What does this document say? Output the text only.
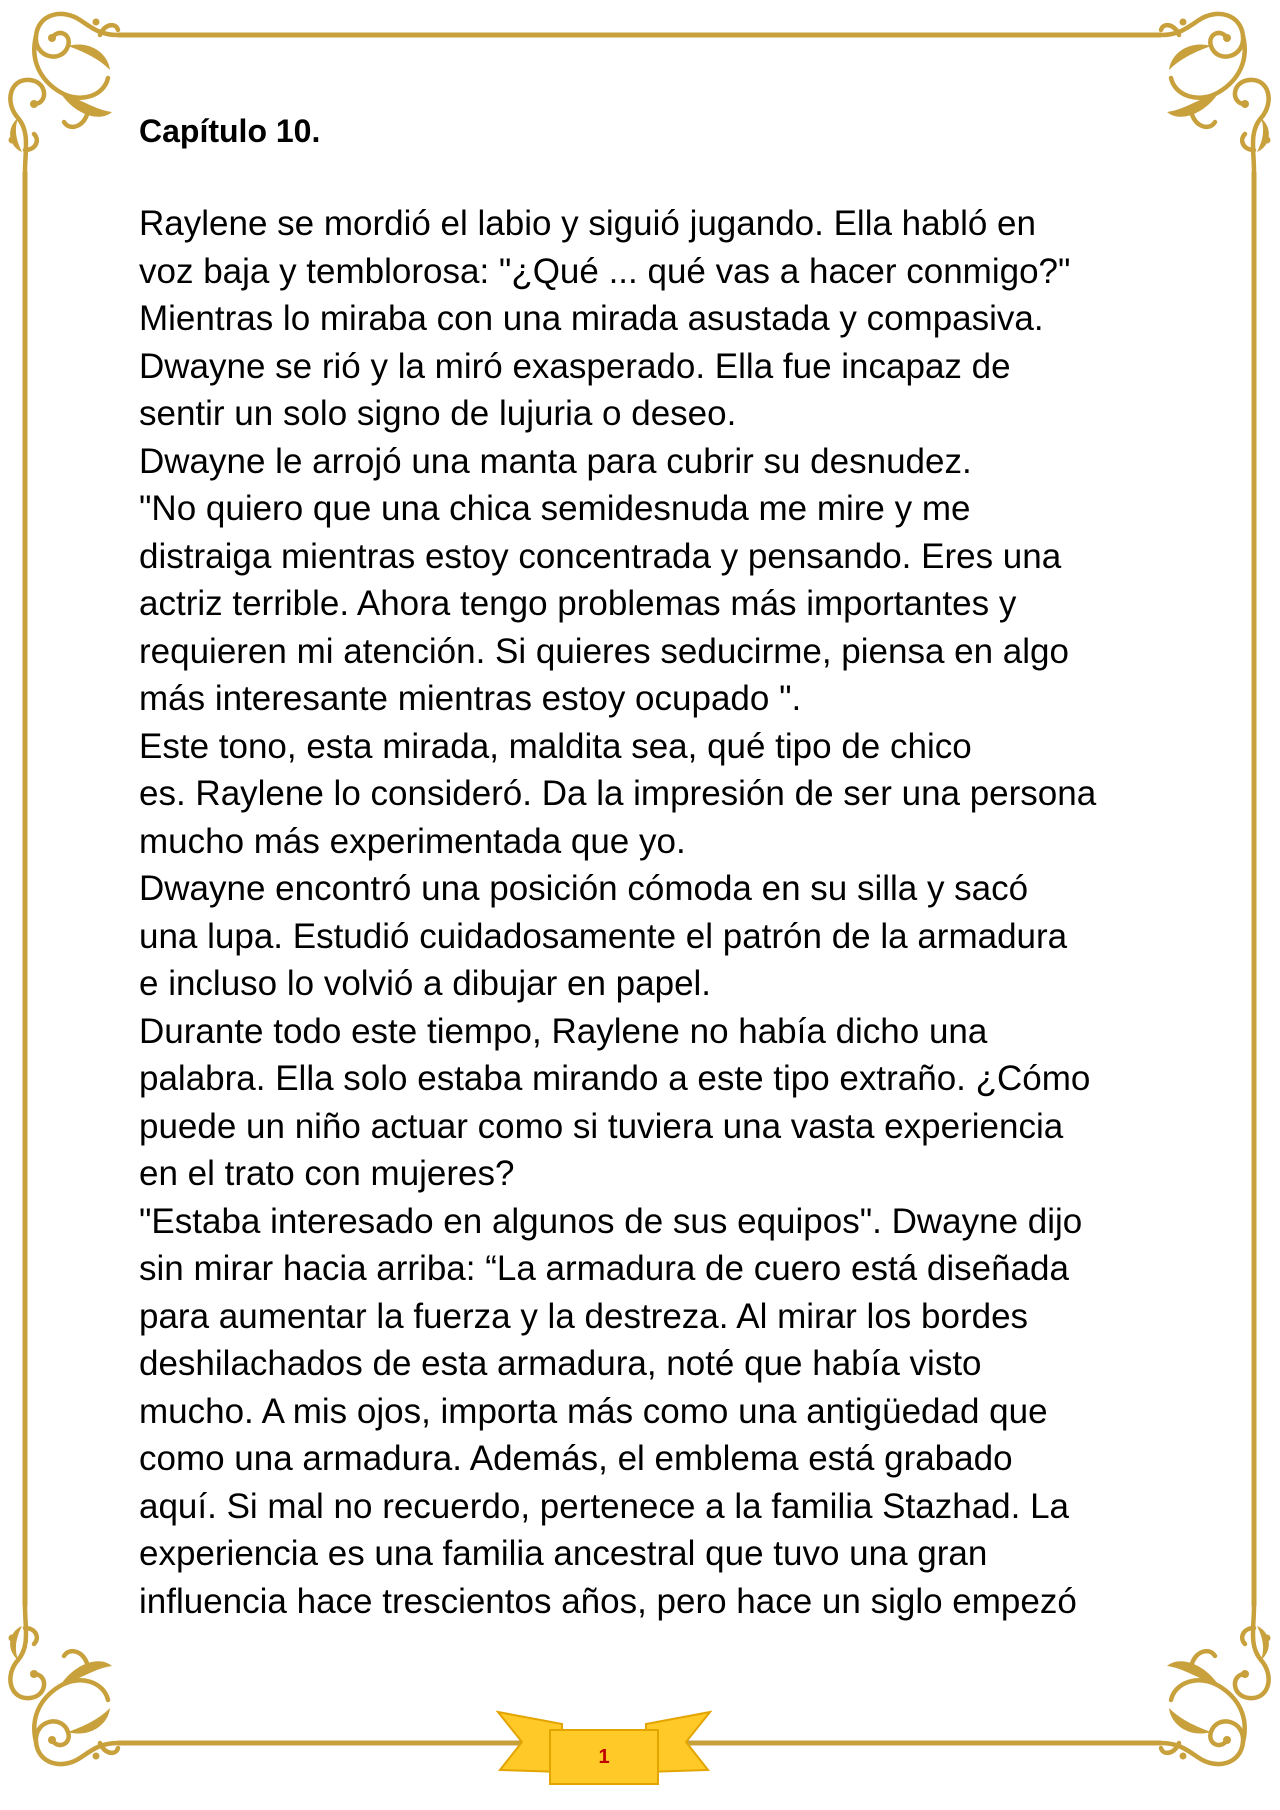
Capítulo 10.
Raylene se mordió el labio y siguió jugando. Ella habló en
voz baja y temblorosa: "¿Qué ... qué vas a hacer conmigo?"
Mientras lo miraba con una mirada asustada y compasiva.
Dwayne se rió y la miró exasperado. Ella fue incapaz de
sentir un solo signo de lujuria o deseo.
Dwayne le arrojó una manta para cubrir su desnudez.
"No quiero que una chica semidesnuda me mire y me
distraiga mientras estoy concentrada y pensando. Eres una
actriz terrible. Ahora tengo problemas más importantes y
requieren mi atención. Si quieres seducirme, piensa en algo
más interesante mientras estoy ocupado ".
Este tono, esta mirada, maldita sea, qué tipo de chico
es. Raylene lo consideró. Da la impresión de ser una persona
mucho más experimentada que yo.
Dwayne encontró una posición cómoda en su silla y sacó
una lupa. Estudió cuidadosamente el patrón de la armadura
e incluso lo volvió a dibujar en papel.
Durante todo este tiempo, Raylene no había dicho una
palabra. Ella solo estaba mirando a este tipo extraño. ¿Cómo
puede un niño actuar como si tuviera una vasta experiencia
en el trato con mujeres?
"Estaba interesado en algunos de sus equipos". Dwayne dijo
sin mirar hacia arriba: “La armadura de cuero está diseñada
para aumentar la fuerza y la destreza. Al mirar los bordes
deshilachados de esta armadura, noté que había visto
mucho. A mis ojos, importa más como una antigüedad que
como una armadura. Además, el emblema está grabado
aquí. Si mal no recuerdo, pertenece a la familia Stazhad. La
experiencia es una familia ancestral que tuvo una gran
influencia hace trescientos años, pero hace un siglo empezó
1
